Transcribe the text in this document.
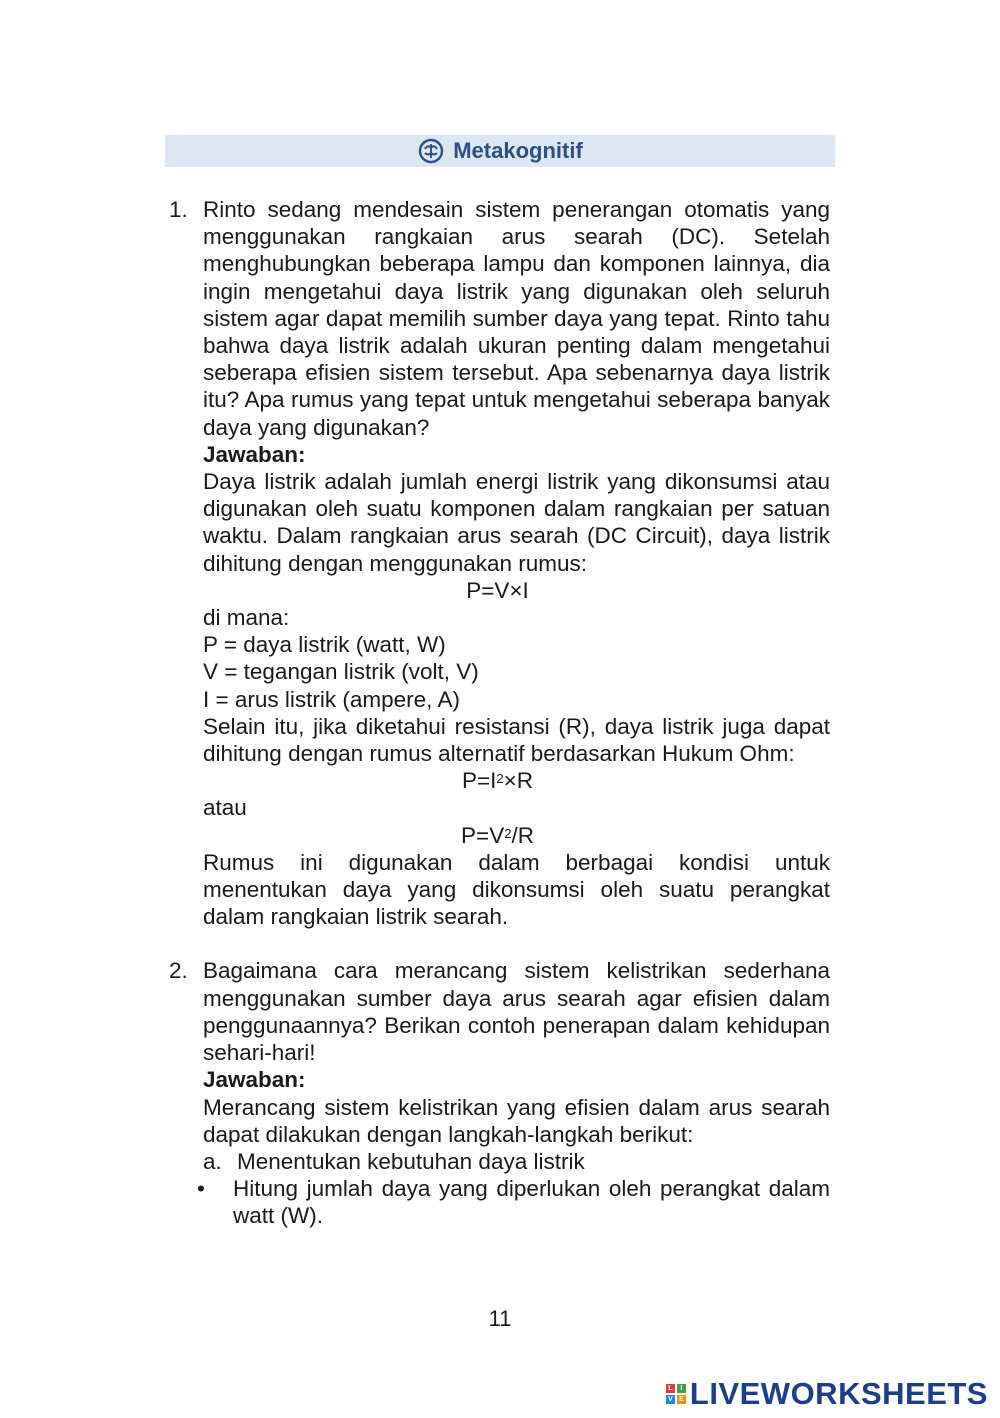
Metakognitif
1. Rinto sedang mendesain sistem penerangan otomatis yang menggunakan rangkaian arus searah (DC). Setelah menghubungkan beberapa lampu dan komponen lainnya, dia ingin mengetahui daya listrik yang digunakan oleh seluruh sistem agar dapat memilih sumber daya yang tepat. Rinto tahu bahwa daya listrik adalah ukuran penting dalam mengetahui seberapa efisien sistem tersebut. Apa sebenarnya daya listrik itu? Apa rumus yang tepat untuk mengetahui seberapa banyak daya yang digunakan?
Jawaban:
Daya listrik adalah jumlah energi listrik yang dikonsumsi atau digunakan oleh suatu komponen dalam rangkaian per satuan waktu. Dalam rangkaian arus searah (DC Circuit), daya listrik dihitung dengan menggunakan rumus:
P=V×I
di mana:
P = daya listrik (watt, W)
V = tegangan listrik (volt, V)
I = arus listrik (ampere, A)
Selain itu, jika diketahui resistansi (R), daya listrik juga dapat dihitung dengan rumus alternatif berdasarkan Hukum Ohm:
$P=I^2\times R$
atau
$P=V^2/R$
Rumus ini digunakan dalam berbagai kondisi untuk menentukan daya yang dikonsumsi oleh suatu perangkat dalam rangkaian listrik searah.
2. Bagaimana cara merancang sistem kelistrikan sederhana menggunakan sumber daya arus searah agar efisien dalam penggunaannya? Berikan contoh penerapan dalam kehidupan sehari-hari!
Jawaban:
Merancang sistem kelistrikan yang efisien dalam arus searah dapat dilakukan dengan langkah-langkah berikut:
a. Menentukan kebutuhan daya listrik
• Hitung jumlah daya yang diperlukan oleh perangkat dalam watt (W).
11
L	I
V E LIVEWORKSHEETS
